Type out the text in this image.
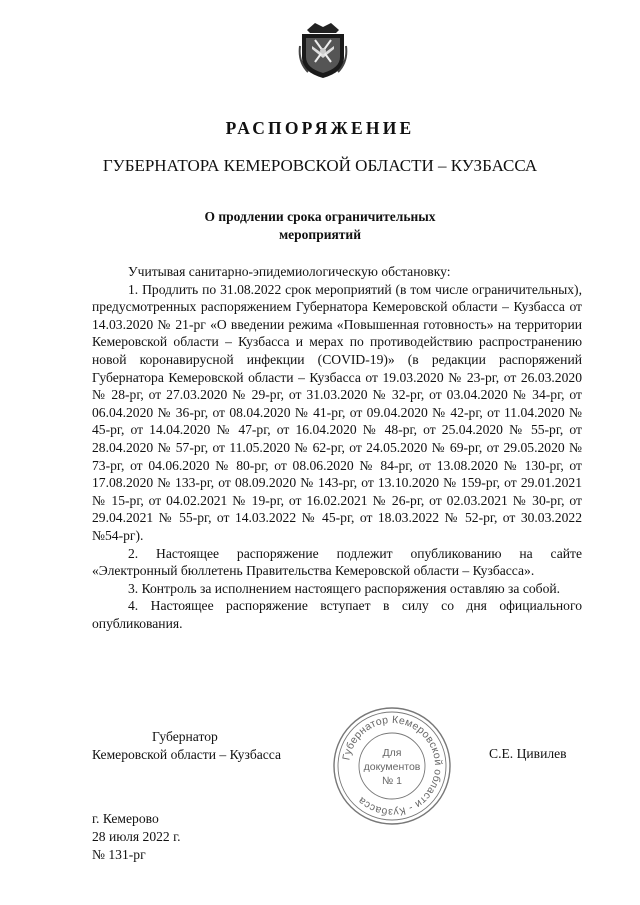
РАСПОРЯЖЕНИЕ
ГУБЕРНАТОРА КЕМЕРОВСКОЙ ОБЛАСТИ – КУЗБАССА
О продлении срока ограничительных
мероприятий

Учитывая санитарно-эпидемиологическую обстановку:

1. Продлить по 31.08.2022 срок мероприятий (в том числе ограничительных), предусмотренных распоряжением Губернатора Кемеровской области – Кузбасса от 14.03.2020 № 21-рг «О введении режима «Повышенная готовность» на территории Кемеровской области – Кузбасса и мерах по противодействию распространению новой коронавирусной инфекции (COVID-19)» (в редакции распоряжений Губернатора Кемеровской области – Кузбасса от 19.03.2020 № 23-рг, от 26.03.2020 № 28-рг, от 27.03.2020 № 29-рг, от 31.03.2020 № 32-рг, от 03.04.2020 № 34-рг, от 06.04.2020 № 36-рг, от 08.04.2020 № 41-рг, от 09.04.2020 № 42-рг, от 11.04.2020 № 45-рг, от 14.04.2020 № 47-рг, от 16.04.2020 № 48-рг, от 25.04.2020 № 55-рг, от 28.04.2020 № 57-рг, от 11.05.2020 № 62-рг, от 24.05.2020 № 69-рг, от 29.05.2020 № 73-рг, от 04.06.2020 № 80-рг, от 08.06.2020 № 84-рг, от 13.08.2020 № 130-рг, от 17.08.2020 № 133-рг, от 08.09.2020 № 143-рг, от 13.10.2020 № 159-рг, от 29.01.2021 № 15-рг, от 04.02.2021 № 19-рг, от 16.02.2021 № 26-рг, от 02.03.2021 № 30-рг, от 29.04.2021 № 55-рг, от 14.03.2022 № 45-рг, от 18.03.2022 № 52-рг, от 30.03.2022 №54-рг).

2. Настоящее распоряжение подлежит опубликованию на сайте «Электронный бюллетень Правительства Кемеровской области – Кузбасса».

3. Контроль за исполнением настоящего распоряжения оставляю за собой.

4. Настоящее распоряжение вступает в силу со дня официального опубликования.

Губернатор
Кемеровской области – Кузбасса	Губернатор Кемеровской области - Кузбасса
Для
документов
№ 1
С.Е. Цивилев
г. Кемерово
28 июля 2022 г.
№ 131-рг
